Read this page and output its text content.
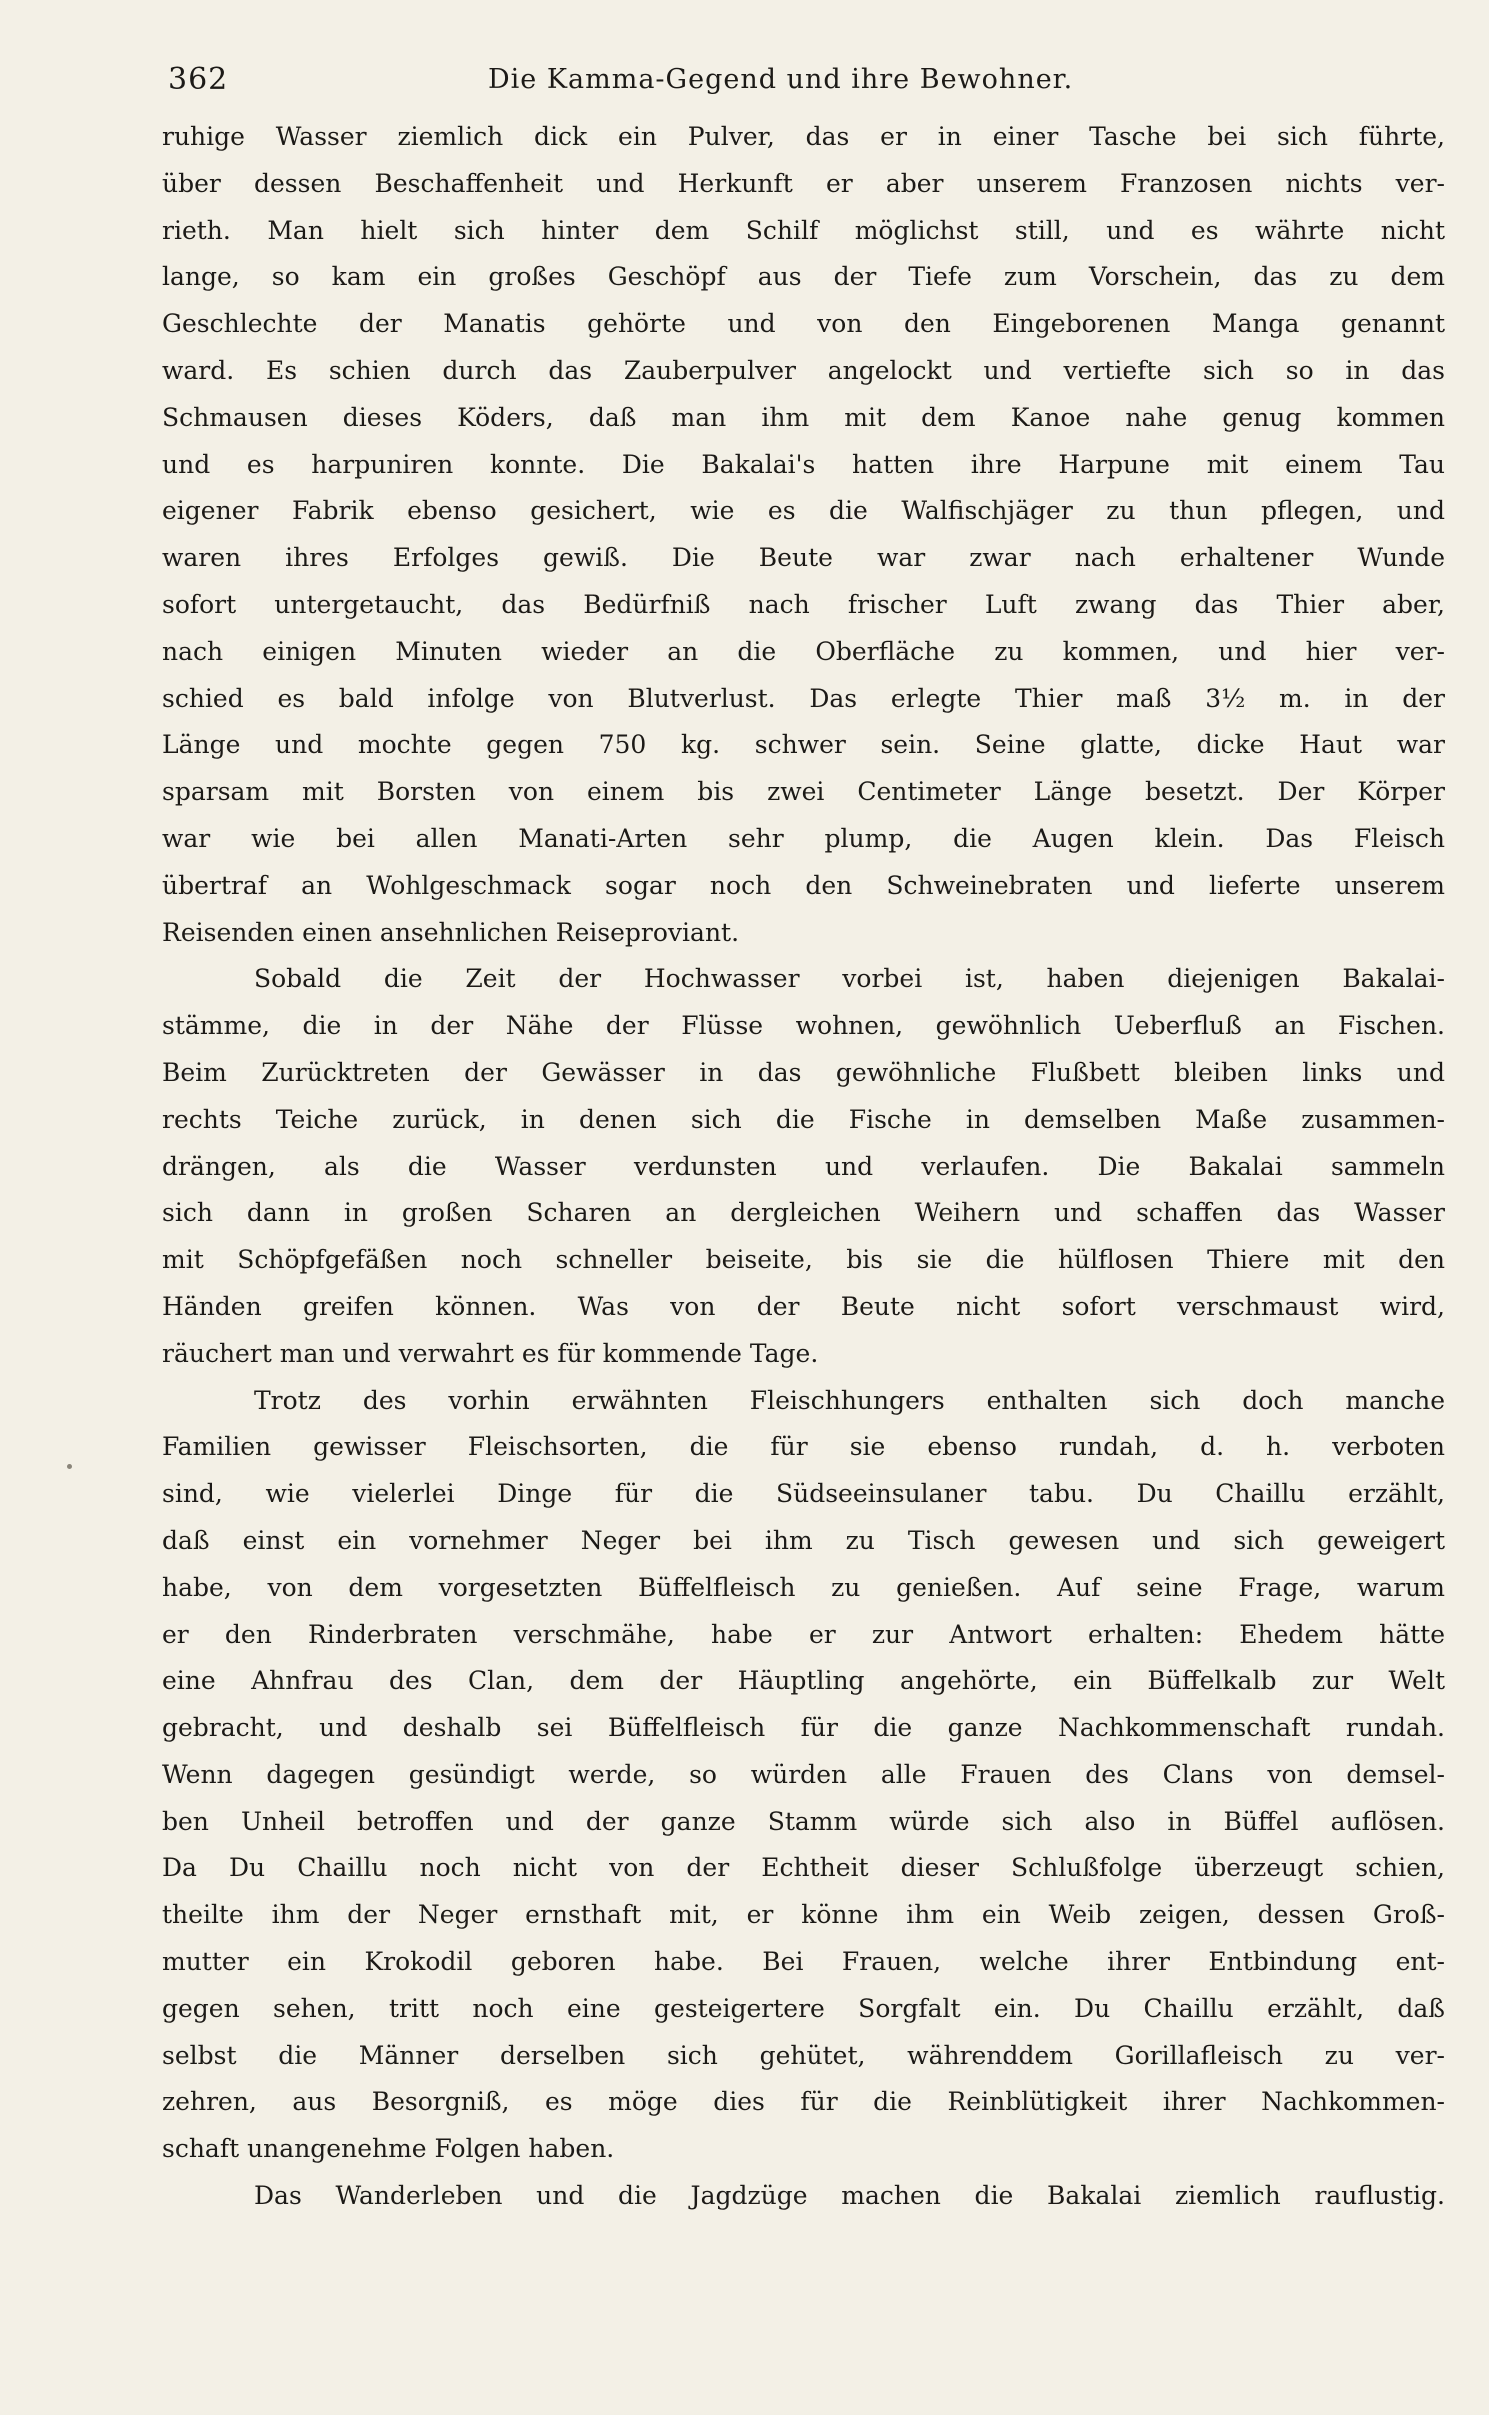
362	Die Kamma-Gegend und ihre Bewohner.
ruhige Wasser ziemlich dick ein Pulver, das er in einer Tasche bei sich führte,
über dessen Beschaffenheit und Herkunft er aber unserem Franzosen nichts ver-
rieth. Man hielt sich hinter dem Schilf möglichst still, und es währte nicht
lange, so kam ein großes Geschöpf aus der Tiefe zum Vorschein, das zu dem
Geschlechte der Manatis gehörte und von den Eingeborenen Manga genannt
ward. Es schien durch das Zauberpulver angelockt und vertiefte sich so in das
Schmausen dieses Köders, daß man ihm mit dem Kanoe nahe genug kommen
und es harpuniren konnte. Die Bakalai's hatten ihre Harpune mit einem Tau
eigener Fabrik ebenso gesichert, wie es die Walfischjäger zu thun pflegen, und
waren ihres Erfolges gewiß. Die Beute war zwar nach erhaltener Wunde
sofort untergetaucht, das Bedürfniß nach frischer Luft zwang das Thier aber,
nach einigen Minuten wieder an die Oberfläche zu kommen, und hier ver-
schied es bald infolge von Blutverlust. Das erlegte Thier maß 3½ m. in der
Länge und mochte gegen 750 kg. schwer sein. Seine glatte, dicke Haut war
sparsam mit Borsten von einem bis zwei Centimeter Länge besetzt. Der Körper
war wie bei allen Manati-Arten sehr plump, die Augen klein. Das Fleisch
übertraf an Wohlgeschmack sogar noch den Schweinebraten und lieferte unserem
Reisenden einen ansehnlichen Reiseproviant.
Sobald die Zeit der Hochwasser vorbei ist, haben diejenigen Bakalai-
stämme, die in der Nähe der Flüsse wohnen, gewöhnlich Ueberfluß an Fischen.
Beim Zurücktreten der Gewässer in das gewöhnliche Flußbett bleiben links und
rechts Teiche zurück, in denen sich die Fische in demselben Maße zusammen-
drängen, als die Wasser verdunsten und verlaufen. Die Bakalai sammeln
sich dann in großen Scharen an dergleichen Weihern und schaffen das Wasser
mit Schöpfgefäßen noch schneller beiseite, bis sie die hülflosen Thiere mit den
Händen greifen können. Was von der Beute nicht sofort verschmaust wird,
räuchert man und verwahrt es für kommende Tage.
Trotz des vorhin erwähnten Fleischhungers enthalten sich doch manche
Familien gewisser Fleischsorten, die für sie ebenso rundah, d. h. verboten
sind, wie vielerlei Dinge für die Südseeinsulaner tabu. Du Chaillu erzählt,
daß einst ein vornehmer Neger bei ihm zu Tisch gewesen und sich geweigert
habe, von dem vorgesetzten Büffelfleisch zu genießen. Auf seine Frage, warum
er den Rinderbraten verschmähe, habe er zur Antwort erhalten: Ehedem hätte
eine Ahnfrau des Clan, dem der Häuptling angehörte, ein Büffelkalb zur Welt
gebracht, und deshalb sei Büffelfleisch für die ganze Nachkommenschaft rundah.
Wenn dagegen gesündigt werde, so würden alle Frauen des Clans von demsel-
ben Unheil betroffen und der ganze Stamm würde sich also in Büffel auflösen.
Da Du Chaillu noch nicht von der Echtheit dieser Schlußfolge überzeugt schien,
theilte ihm der Neger ernsthaft mit, er könne ihm ein Weib zeigen, dessen Groß-
mutter ein Krokodil geboren habe. Bei Frauen, welche ihrer Entbindung ent-
gegen sehen, tritt noch eine gesteigertere Sorgfalt ein. Du Chaillu erzählt, daß
selbst die Männer derselben sich gehütet, währenddem Gorillafleisch zu ver-
zehren, aus Besorgniß, es möge dies für die Reinblütigkeit ihrer Nachkommen-
schaft unangenehme Folgen haben.
Das Wanderleben und die Jagdzüge machen die Bakalai ziemlich rauflustig.
